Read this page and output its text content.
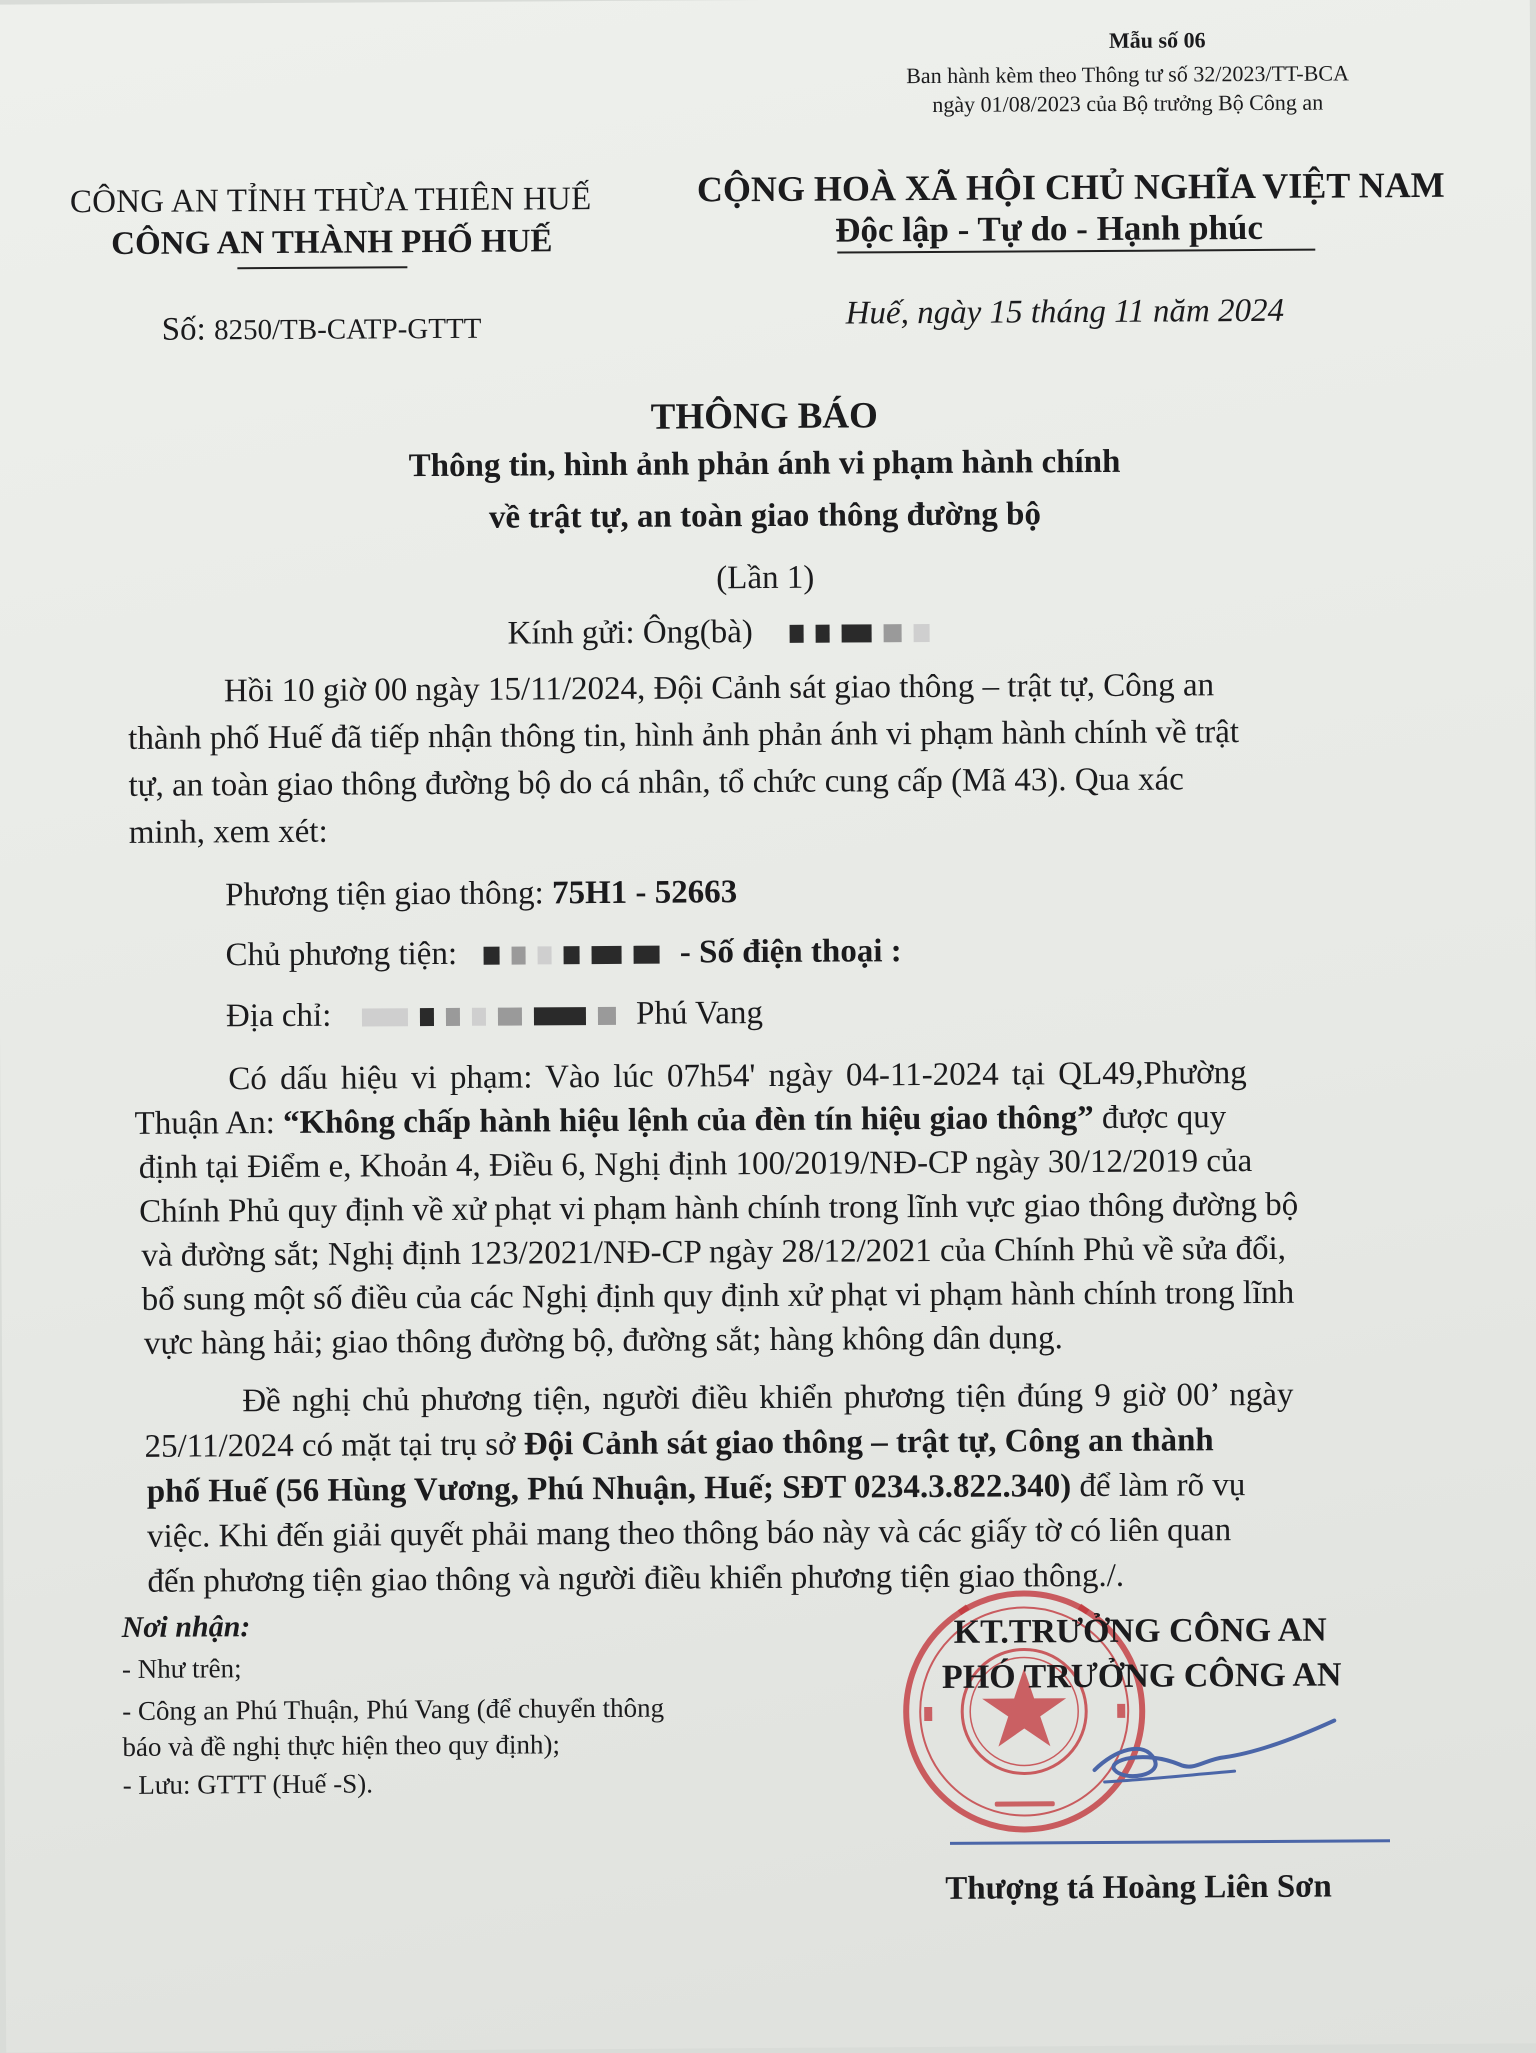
Mẫu số 06
Ban hành kèm theo Thông tư số 32/2023/TT-BCA
ngày 01/08/2023 của Bộ trưởng Bộ Công an
CÔNG AN TỈNH THỪA THIÊN HUẾ
CÔNG AN THÀNH PHỐ HUẾ
CỘNG HOÀ XÃ HỘI CHỦ NGHĨA VIỆT NAM
Độc lập - Tự do - Hạnh phúc
Số: 8250/TB-CATP-GTTT	Huế, ngày 15 tháng 11 năm 2024
THÔNG BÁO
Thông tin, hình ảnh phản ánh vi phạm hành chính
về trật tự, an toàn giao thông đường bộ
(Lần 1)
Kính gửi: Ông(bà)
Hồi 10 giờ 00 ngày 15/11/2024, Đội Cảnh sát giao thông – trật tự, Công an
thành phố Huế đã tiếp nhận thông tin, hình ảnh phản ánh vi phạm hành chính về trật
tự, an toàn giao thông đường bộ do cá nhân, tổ chức cung cấp (Mã 43). Qua xác
minh, xem xét:
Phương tiện giao thông: 75H1 - 52663
Chủ phương tiện:	- Số điện thoại :
Địa chỉ:	Phú Vang
Có dấu hiệu vi phạm: Vào lúc 07h54' ngày 04-11-2024 tại QL49,Phường
Thuận An: “Không chấp hành hiệu lệnh của đèn tín hiệu giao thông” được quy
định tại Điểm e, Khoản 4, Điều 6, Nghị định 100/2019/NĐ-CP ngày 30/12/2019 của
Chính Phủ quy định về xử phạt vi phạm hành chính trong lĩnh vực giao thông đường bộ
và đường sắt; Nghị định 123/2021/NĐ-CP ngày 28/12/2021 của Chính Phủ về sửa đổi,
bổ sung một số điều của các Nghị định quy định xử phạt vi phạm hành chính trong lĩnh
vực hàng hải; giao thông đường bộ, đường sắt; hàng không dân dụng.
Đề nghị chủ phương tiện, người điều khiển phương tiện đúng 9 giờ 00’ ngày
25/11/2024 có mặt tại trụ sở Đội Cảnh sát giao thông – trật tự, Công an thành
phố Huế (56 Hùng Vương, Phú Nhuận, Huế; SĐT 0234.3.822.340) để làm rõ vụ
việc. Khi đến giải quyết phải mang theo thông báo này và các giấy tờ có liên quan
đến phương tiện giao thông và người điều khiển phương tiện giao thông./.
Nơi nhận:
- Như trên;
- Công an Phú Thuận, Phú Vang (để chuyển thông
báo và đề nghị thực hiện theo quy định);
- Lưu: GTTT (Huế -S).
KT.TRƯỞNG CÔNG AN
PHÓ TRƯỞNG CÔNG AN
Thượng tá Hoàng Liên Sơn
